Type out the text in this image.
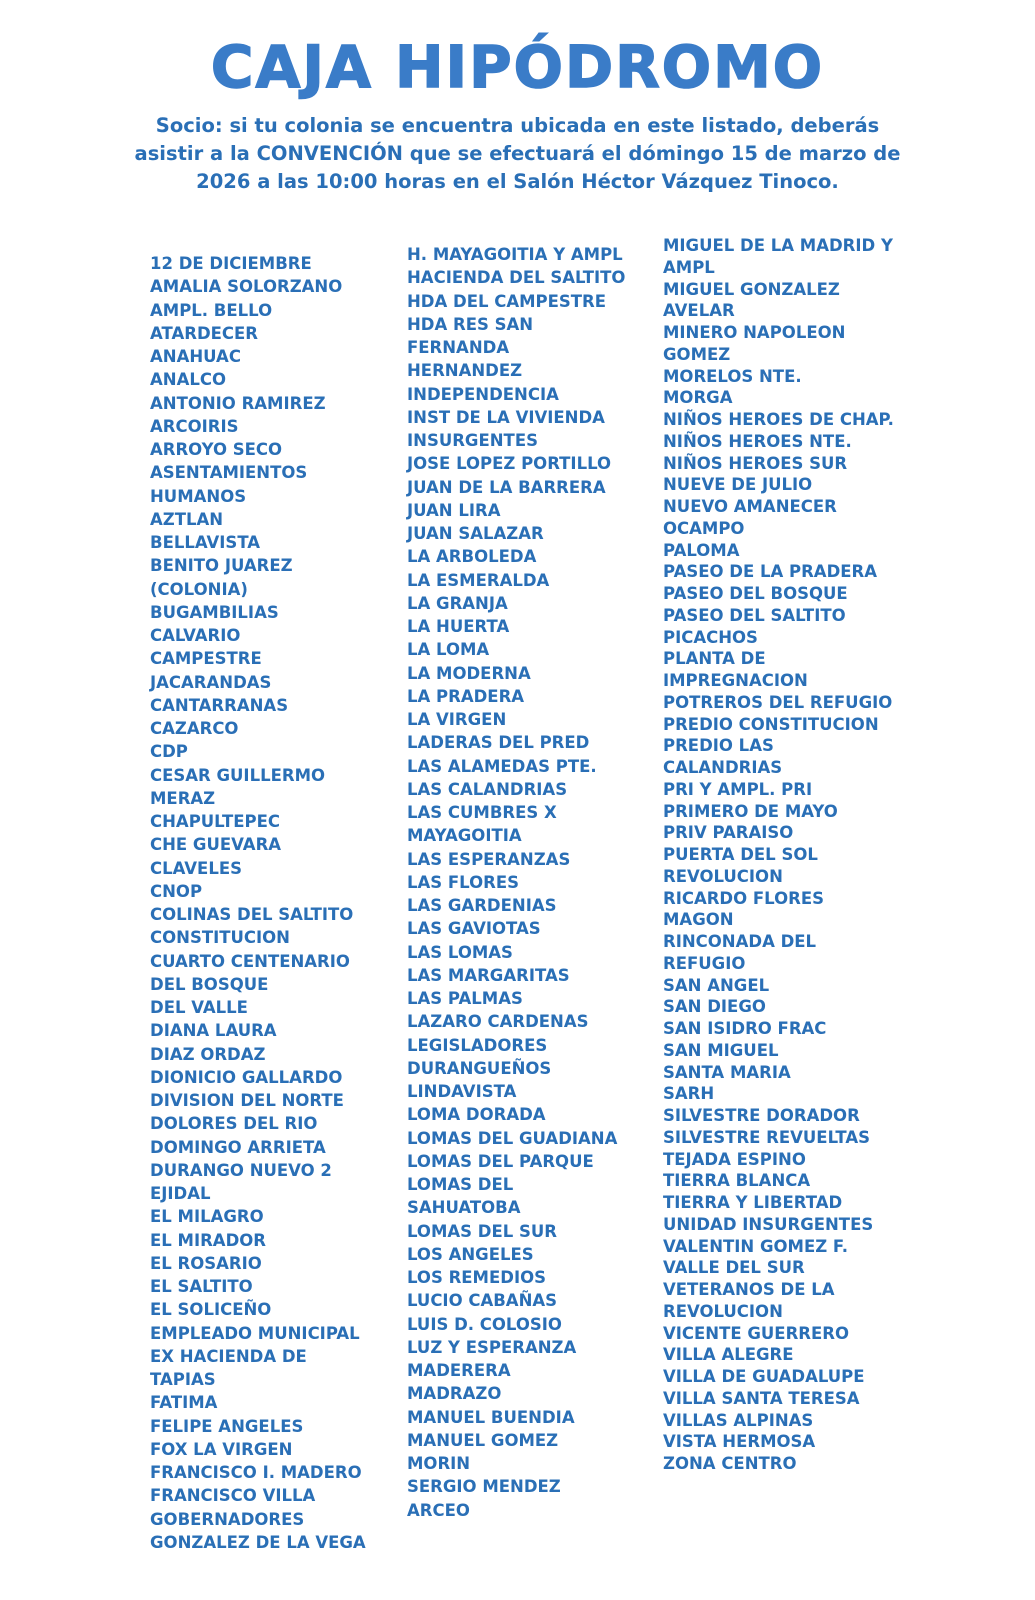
CAJA HIPÓDROMO
Socio: si tu colonia se encuentra ubicada en este listado, deberás asistir a la CONVENCIÓN que se efectuará el dómingo 15 de marzo de 2026 a las 10:00 horas en el Salón Héctor Vázquez Tinoco.
12 DE DICIEMBRE
AMALIA SOLORZANO
AMPL. BELLO
ATARDECER
ANAHUAC
ANALCO
ANTONIO RAMIREZ
ARCOIRIS
ARROYO SECO
ASENTAMIENTOS
HUMANOS
AZTLAN
BELLAVISTA
BENITO JUAREZ
(COLONIA)
BUGAMBILIAS
CALVARIO
CAMPESTRE
JACARANDAS
CANTARRANAS
CAZARCO
CDP
CESAR GUILLERMO
MERAZ
CHAPULTEPEC
CHE GUEVARA
CLAVELES
CNOP
COLINAS DEL SALTITO
CONSTITUCION
CUARTO CENTENARIO
DEL BOSQUE
DEL VALLE
DIANA LAURA
DIAZ ORDAZ
DIONICIO GALLARDO
DIVISION DEL NORTE
DOLORES DEL RIO
DOMINGO ARRIETA
DURANGO NUEVO 2
EJIDAL
EL MILAGRO
EL MIRADOR
EL ROSARIO
EL SALTITO
EL SOLICEÑO
EMPLEADO MUNICIPAL
EX HACIENDA DE
TAPIAS
FATIMA
FELIPE ANGELES
FOX LA VIRGEN
FRANCISCO I. MADERO
FRANCISCO VILLA
GOBERNADORES
GONZALEZ DE LA VEGA
H. MAYAGOITIA Y AMPL
HACIENDA DEL SALTITO
HDA DEL CAMPESTRE
HDA RES SAN
FERNANDA
HERNANDEZ
INDEPENDENCIA
INST DE LA VIVIENDA
INSURGENTES
JOSE LOPEZ PORTILLO
JUAN DE LA BARRERA
JUAN LIRA
JUAN SALAZAR
LA ARBOLEDA
LA ESMERALDA
LA GRANJA
LA HUERTA
LA LOMA
LA MODERNA
LA PRADERA
LA VIRGEN
LADERAS DEL PRED
LAS ALAMEDAS PTE.
LAS CALANDRIAS
LAS CUMBRES X
MAYAGOITIA
LAS ESPERANZAS
LAS FLORES
LAS GARDENIAS
LAS GAVIOTAS
LAS LOMAS
LAS MARGARITAS
LAS PALMAS
LAZARO CARDENAS
LEGISLADORES
DURANGUEÑOS
LINDAVISTA
LOMA DORADA
LOMAS DEL GUADIANA
LOMAS DEL PARQUE
LOMAS DEL
SAHUATOBA
LOMAS DEL SUR
LOS ANGELES
LOS REMEDIOS
LUCIO CABAÑAS
LUIS D. COLOSIO
LUZ Y ESPERANZA
MADERERA
MADRAZO
MANUEL BUENDIA
MANUEL GOMEZ
MORIN
SERGIO MENDEZ
ARCEO
MIGUEL DE LA MADRID Y
AMPL
MIGUEL GONZALEZ
AVELAR
MINERO NAPOLEON
GOMEZ
MORELOS NTE.
MORGA
NIÑOS HEROES DE CHAP.
NIÑOS HEROES NTE.
NIÑOS HEROES SUR
NUEVE DE JULIO
NUEVO AMANECER
OCAMPO
PALOMA
PASEO DE LA PRADERA
PASEO DEL BOSQUE
PASEO DEL SALTITO
PICACHOS
PLANTA DE
IMPREGNACION
POTREROS DEL REFUGIO
PREDIO CONSTITUCION
PREDIO LAS
CALANDRIAS
PRI Y AMPL. PRI
PRIMERO DE MAYO
PRIV PARAISO
PUERTA DEL SOL
REVOLUCION
RICARDO FLORES
MAGON
RINCONADA DEL
REFUGIO
SAN ANGEL
SAN DIEGO
SAN ISIDRO FRAC
SAN MIGUEL
SANTA MARIA
SARH
SILVESTRE DORADOR
SILVESTRE REVUELTAS
TEJADA ESPINO
TIERRA BLANCA
TIERRA Y LIBERTAD
UNIDAD INSURGENTES
VALENTIN GOMEZ F.
VALLE DEL SUR
VETERANOS DE LA
REVOLUCION
VICENTE GUERRERO
VILLA ALEGRE
VILLA DE GUADALUPE
VILLA SANTA TERESA
VILLAS ALPINAS
VISTA HERMOSA
ZONA CENTRO
